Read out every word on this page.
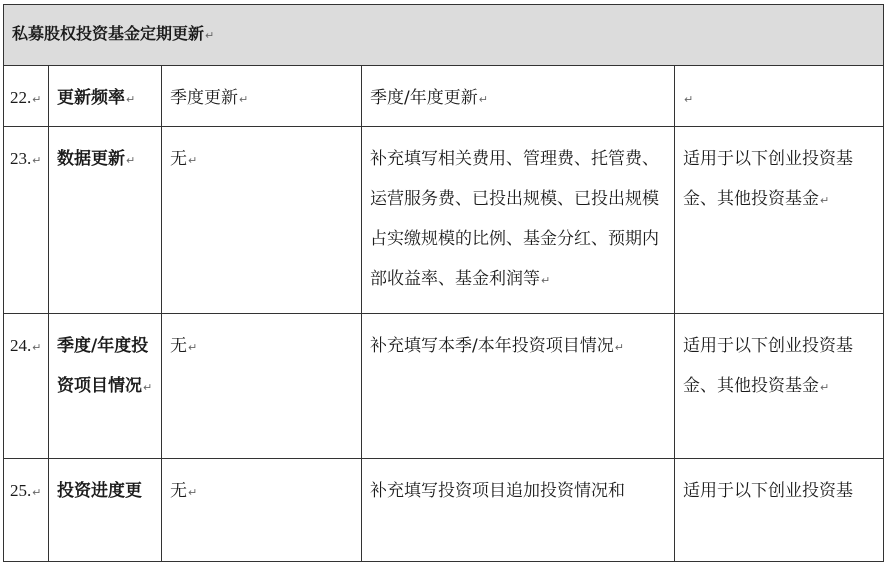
私募股权投资基金定期更新↵				
22.↵	更新频率↵	季度更新↵	季度/年度更新↵	↵
23.↵	数据更新↵	无↵	补充填写相关费用、管理费、托管费、运营服务费、已投出规模、已投出规模占实缴规模的比例、基金分红、预期内部收益率、基金利润等↵	适用于以下创业投资基金、其他投资基金↵
24.↵	季度/年度投资项目情况↵	无↵	补充填写本季/本年投资项目情况↵	适用于以下创业投资基金、其他投资基金↵
25.↵	投资进度更	无↵	补充填写投资项目追加投资情况和	适用于以下创业投资基
